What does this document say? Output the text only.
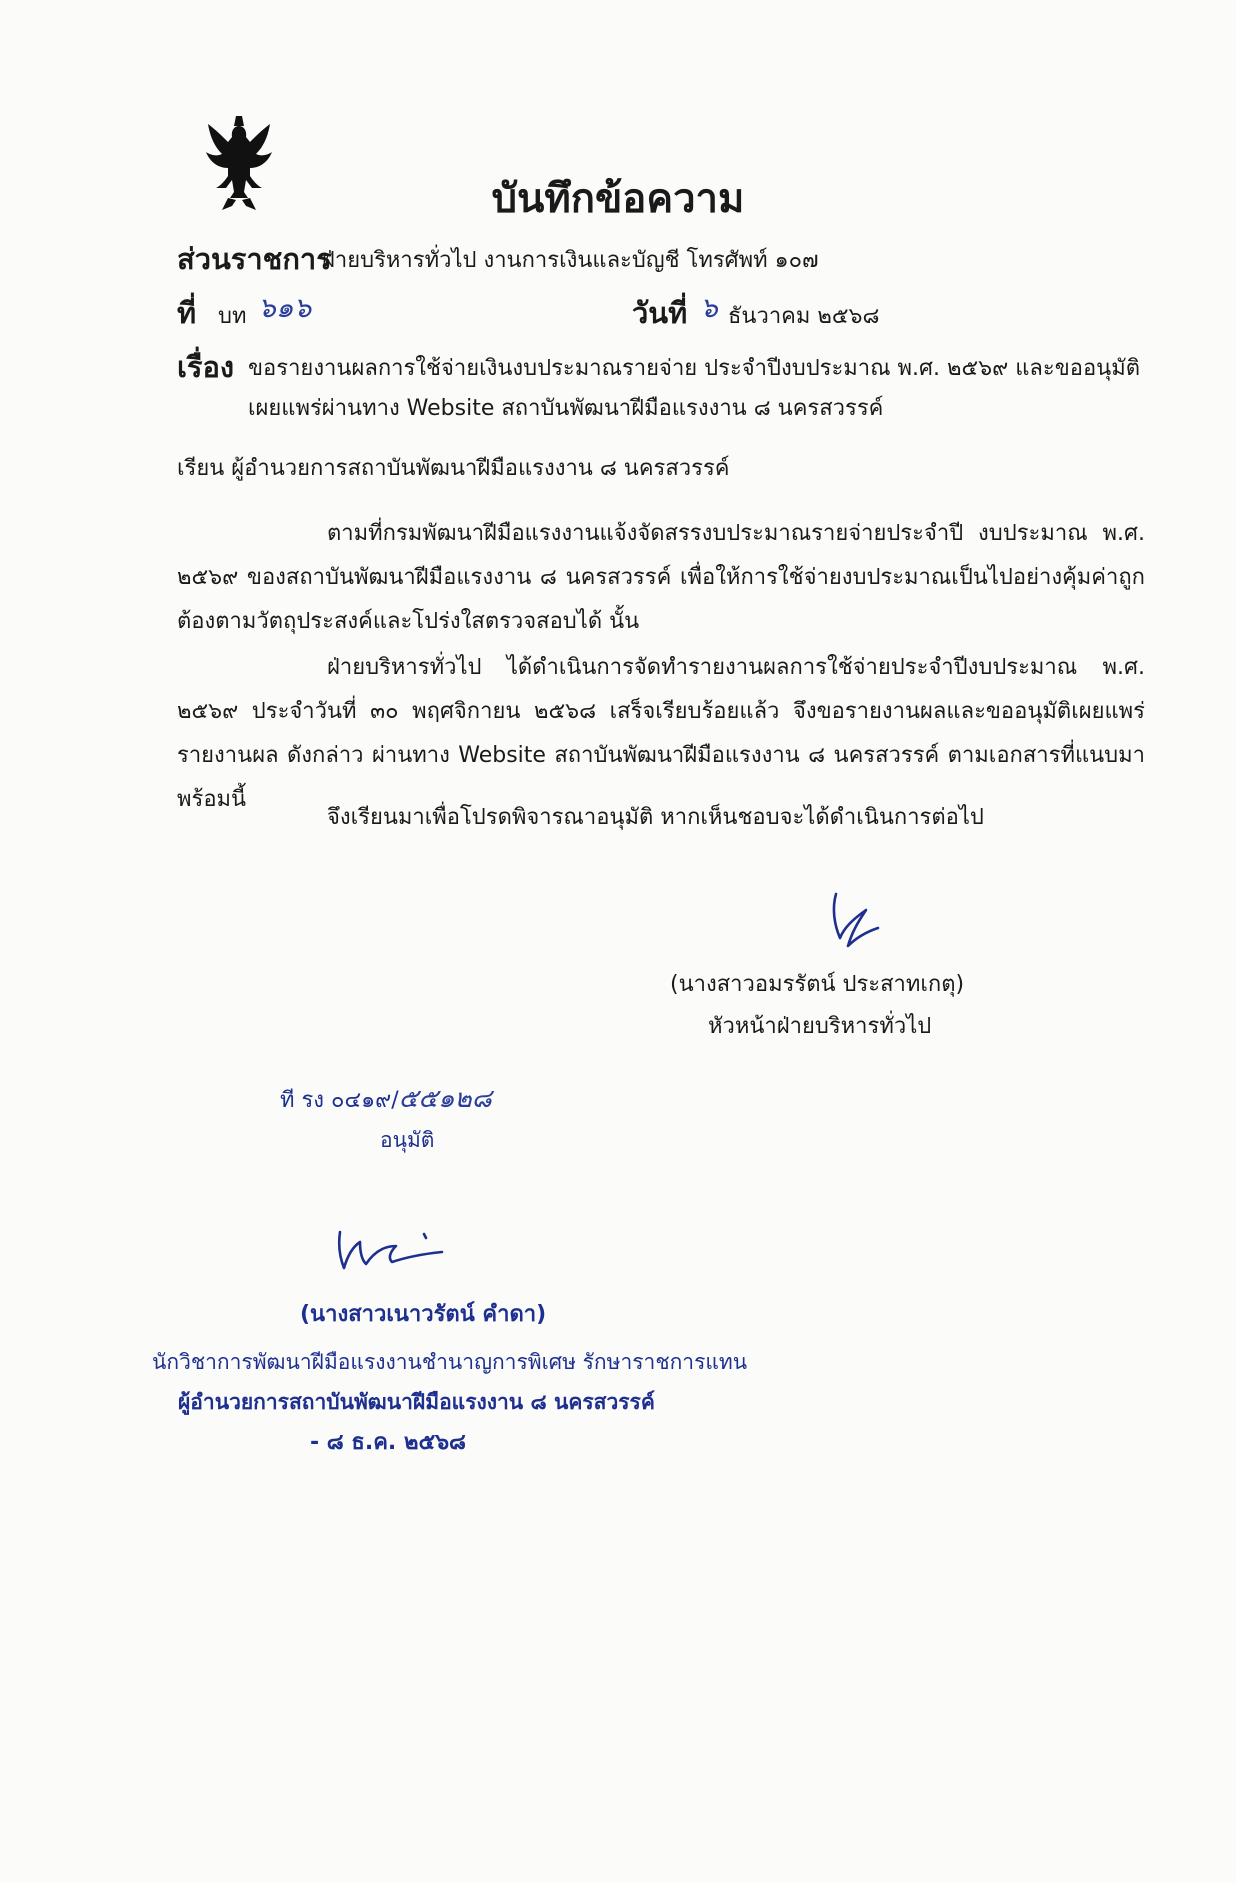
บันทึกข้อความ
ส่วนราชการ
ฝ่ายบริหารทั่วไป งานการเงินและบัญชี โทรศัพท์ ๑๐๗
ที่ บท ๖๑๖	วันที่ ๖ ธันวาคม ๒๕๖๘
เรื่อง ขอรายงานผลการใช้จ่ายเงินงบประมาณรายจ่าย ประจำปีงบประมาณ พ.ศ. ๒๕๖๙ และขออนุมัติ
เผยแพร่ผ่านทาง Website สถาบันพัฒนาฝีมือแรงงาน ๘ นครสวรรค์
เรียน ผู้อำนวยการสถาบันพัฒนาฝีมือแรงงาน ๘ นครสวรรค์
ตามที่กรมพัฒนาฝีมือแรงงานแจ้งจัดสรรงบประมาณรายจ่ายประจำปี งบประมาณ พ.ศ. ๒๕๖๙ ของสถาบันพัฒนาฝีมือแรงงาน ๘ นครสวรรค์ เพื่อให้การใช้จ่ายงบประมาณเป็นไปอย่างคุ้มค่าถูกต้องตามวัตถุประสงค์และโปร่งใสตรวจสอบได้ นั้น
ฝ่ายบริหารทั่วไป ได้ดำเนินการจัดทำรายงานผลการใช้จ่ายประจำปีงบประมาณ พ.ศ. ๒๕๖๙ ประจำวันที่ ๓๐ พฤศจิกายน ๒๕๖๘ เสร็จเรียบร้อยแล้ว จึงขอรายงานผลและขออนุมัติเผยแพร่รายงานผล ดังกล่าว ผ่านทาง Website สถาบันพัฒนาฝีมือแรงงาน ๘ นครสวรรค์ ตามเอกสารที่แนบมาพร้อมนี้
จึงเรียนมาเพื่อโปรดพิจารณาอนุมัติ หากเห็นชอบจะได้ดำเนินการต่อไป
(นางสาวอมรรัตน์ ประสาทเกตุ)
หัวหน้าฝ่ายบริหารทั่วไป
ที รง ๐๔๑๙/๕๕๑๒๘
อนุมัติ
(นางสาวเนาวรัตน์ คำดา)
นักวิชาการพัฒนาฝีมือแรงงานชำนาญการพิเศษ รักษาราชการแทน
ผู้อำนวยการสถาบันพัฒนาฝีมือแรงงาน ๘ นครสวรรค์
- ๘ ธ.ค. ๒๕๖๘
